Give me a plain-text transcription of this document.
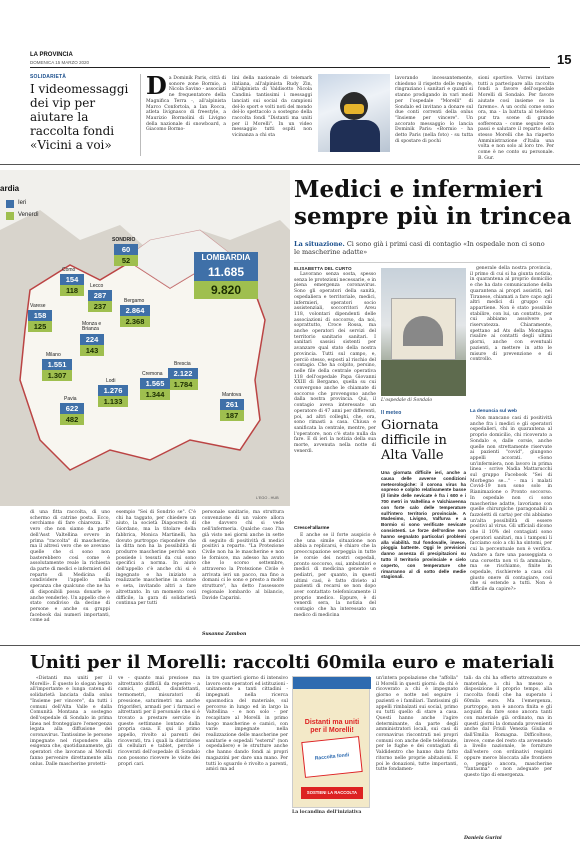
LA PROVINCIA
DOMENICA 15 MARZO 2020	15
SOLIDARIETÀ
I videomessaggi dei vip per aiutare la raccolta fondi «Vicini a voi»
Da Dominik Paris, città di sonore zone Bormio, a Nicola Savino - associati ne frequentatore della Magnifica Terra -, all'alpinista Marco Confortola, a Ian Rocca, atleta livignasco di freestyle, a Maurizio Bormolini di Livigno della nazionale di snowboard, a Giacomo Bormo-
lini della nazionale di telemark italiana, all'alpinista Rudy Zin, all'alpinista di Valdisotto Nicola Candini: tantissimi i messaggi lanciati sui social da campioni del-lo sport e volti noti del mondo del-lo spettacolo a sostegno della raccolta fondi "Distanti ma uniti per il Morelli". In un video messaggio tutti ospiti non vicinanza a chi sta
lavorando incessantemente, chiedono il rispetto delle regole, ringraziano i sanitari e quanti si stanno prodigando in vari modi per l'ospedale "Morelli" di Sondalo ed invitano a donare sul due conti correnti della onlus "Insieme per vincere". Un accorato messaggio lo lancia Dominik Paris: «Bormio - ha detto Paris (nella foto) - su tutta di spostare di pochi
sioni sportive. Vorrei invitare tutti a partecipare alla raccolta fondi a favore dell'ospedale Morelli di Sondalo. Per favore aiutate così insieme ce la faremo». A un occhi come sono ora, ma - la battuta al telefono pur tra scene di grande sofferenza - come seguire ora passi e salutare il reparto dello stesso Morelli che ha riaperto Amministrazione d'Italia una volta e non solo al loro tre. Per come è ne conto su personale. B. Gur.
ardia
Ieri
Venerdì
SONDRIO
60
52
Como
154
118	Lecco
287
237
Varese
158
125
Bergamo
2.864
2.368
Monza e Brianza
224
143
Milano
1.551
1.307
Brescia
2.122
1.784
Lodi
1.276
1.133
Cremona
1.565
1.344
Pavia
622
482
Mantova
261
187
LOMBARDIA
11.685
9.820
L'EGO - HUB
Medici e infermieri
sempre più in trincea
La situazione. Ci sono già i primi casi di contagio «In ospedale non ci sono le mascherine adatte»
ELISABETTA DEL CURTO

Lavorano senza sosta, spesso senza le protezioni necessarie, e in piena emergenza coronavirus. Sono gli operatori della sanità, ospedaliera e territoriale, medici, infermieri, operatori socio assistenziali, soccorritori Areu 118, volontari dipendenti delle associazioni di soccorso, da noi, soprattutto, Croce Rossa, ma anche operatori dei servizi del territorio sanitario sanitari. I sanitari sassisi sistenti per avanzare qual stato della nostra provincia. Tutti sul campo, e, perciò stesso, esposti al rischio del contagio. Che ha colpito, persino, nelle file della centrale operativa 118 dell'ospedale Papa Giovanni XXIII di Bergamo, quella su cui convergono anche le chiamate di soccorso che provengono anche dalla nostra provincia. Qui, il contagio aveva interessato un operatore di 47 anni per differenti, poi, ad altri colleghi, che, ora, sono rimasti a casa. Chiusa e sanificata la centrale, mentre, per l'operatore, non c'è stato nulla da fare. E di ieri la notizia della sua morte, avvenuta nella notte di venerdì.

Crescel'allarme

E anche se il forte auspicio è che una simile situazione non abbia a replicarsi, è chiaro che la preoccupazione serpeggia in tutte le corsie dei nostri ospedali, pronto soccorso, sui, ambulatori e medici di medicina generale e pediatri, per quanto, in questi ultimi casi, è fatto divieto al pazienti di recarsi se non dopo aver contattato telefonicamente il proprio medico. Eppure, è di venerdì sera, la notizia del contagio che ha interessato un medico di medicina

L'ospedale di Sondalo
Il meteo
Giornata difficile in Alta Valle
Una giornata difficile ieri, anche a causa delle avverse condizioni meteorologiche: il corona virus ha sopreso e colpito relativamente basse (il limite delle nevicate è fra i 600 e i 700 metri in Valtellina e Valchiavenna con forte calo delle temperature sull'intero territorio provinciale. A Madesimo, Livigno, Valfurva e a Bormio si sono verificate nevicate consistenti. Le forze dell'ordine non hanno segnalato particolari problemi alla viabilità. Sul fondovalle, invece, pioggia battente. Oggi le previsioni danno assenza di precipitazioni su tutto il territorio provinciale e cielo coperto, con temperature che rimarranno al di sotto delle medie stagionali.

generale della nostra provincia, il primo di cui si ha giunta notizia, in quarantena al proprio domicilio e che ha dato comunicazione della quarantena ai propri assistiti, nel Tiranese, chiamati a fare capo agli altri medici di gruppo cui appartiene. Non è stato possibile stabilire, con lui, un contatto, per cui abbiamo assolvere a riservatezza. Chiaramente, spettano ad Ats della Montagna risalire ai contatti degli ultimi giorni, anche con eventuali pazienti, a mettere in atto le misure di prevenzione e di controllo.

La denuncia sul web

Non mancano casi di positività anche fra i medici e gli operatori ospedalieri, chi in quarantena al proprio domicilio, chi ricoverato a Sondalo e, dalle corsie, anche quelle non strettamente riservate ai pazienti "covid", giungono appelli accorati. «Sono un'infermiera, non lavoro in prima linea - scrive Nadia Mattarucchi sul gruppo Facebook "Sei di Morbegno se..." - ma i malati Covid-19 non sono solo in Rianimazione o Pronto soccorso. In ospedale non ci sono mascherine adatte, lavoriamo con quelle chirurgiche (paragonabili a fazzoletti di carta) per chi abbiamo un'alta possibilità di essere positivi al virus. Gli ufficiali dicono che il 10% del contagiati sono operatori sanitari, ma i tamponi li facciamo solo a chi ha sintomi, per cui la percentuale non è verifica. Andare a fare una passeggiata o una corsetta non vi fa ammalare, ma se rischiamo, finite in ospedale, rischierete a casa col giusto onere di contagiare, così che si estende a tutti. Non è difficile da capire?»

di una fitta raccolta, di uno schermo di catrine posta. Ecco, cerchiamo di fare chiarezza. E' vero che non siamo da parte dell'Asst Valtellina ovvero in prima "raccolta" di mascherine, ma il altresì vero che se avevano quelle che ci sono non basterebbero così come è assolutamente reale la richiesta da parte di medici e infermieri del reparto di Medicina di condividere l'appello nella speranza che qualcuno che ne ha di disponibili possa donarle (e anche venderle). Un appello che è stato condiviso da decine di persone e anche su gruppi facebook dai numeri importanti, come ad
esempio "Sei di Sondrio se". C'è chi ha taggato, per chiedere un aiuto, la società Diaposrech di Giordano, ma la titolare della fabbrica, Monica Martinelli, ha dovuto purtroppo rispondere che la ditta non ha la possibilità di produrre mascherine perché non possiede i tessuti da cui sono specifici a norma. In aiuto dell'appello c'è anche chi si è ingegnato e ha iniziato a realizzarle mascherine in cotone e seta, invitando altri a fare altrettanto. In un momento così difficile, la gara di solidarietà continua per tutti
personale sanitario, ma struttura convenzione di un valore allora che davvero chi si vede nell'infermeria. Qualche caso l'ha già visto nei giorni anche in sette di seguito di positività di medici positivi a reparto. "La Protezione Civile non ha le mascherine e non le fornisce, ma adesso ha avuto che lo scorso settembre, attraverso la Protezione Civile è arrivata ieri un pacco, ma fino a domani ci le sono e presto a molte strutture", ha detto l'assessore regionale lombardo al bilancio, Davide Caparini.
Susanna Zambon
Uniti per il Morelli: raccolti 60mila euro e materiali

«Distanti ma uniti per il Morelli». È questo lo slogan legato all'importante e lunga catena di solidarietà lanciata dalla onlus "Insieme per vincere", da tutti i comuni dell'Alta Valle e dalla Comunità Montana a sostegno dell'ospedale di Sondalo in prima linea nel fronteggiare l'emergenza legata alla diffusione del coronavirus. Tantissime le persone impegnate nel rispondere alla esigenza che, quotidianamente, gli operatori che lavorano al Morelli fanno pervenire direttamente alla onlus. Dalle mascherine protetti-

ve - quanto mai preziose ma altrettanto difficili da reperire - a camici, guanti, disinfettanti, termometri, misuratori di pressione, saturimetri ma anche frigoriferi, armadi per i farmaci e altrettanti per il personale che si è trovato a prestare servizio in queste settimane lontano dalla propria casa. E qui il primo appello, rivolto ai parenti dei ricoverati, tra i quali la distrizione di cellulari e tablet, perché i ricoverati dell'ospedale di Sondalo non possono ricevere le visite dei propri cari.
in tre quartieri giorno di intensivo lavoro con operatori ed istituzioni - unitamente a tanti cittadini - impegnati nella ricerca spasmodica del materiale, sul percorso in lungo ed in largo la Valtellina - e non solo - per recapitare al Morelli in primo luogo mascherine e camici, con varie impegnate nella realizzazione delle mascherine per sanitarie e ospedali "esterni" (non ospedaliere) e le strutture anche che hanno dando fondi ai propri magazzini per dare una mano. Per tutti lo sguardo è rivolto a parenti, amici ma ad
Distanti ma uniti
per il Morelli!
Raccolta fondi
SOSTIENI LA RACCOLTA
La locandina dell'iniziativa
un'intera popolazione che "affolla" il Morelli in questi giorni: da chi è ricoverato a chi è impegnato giorno e notte nel seguire i pazienti e i familiari. Tantissimi gli appelli rimbalzati sui social, primo su tutti quello di stare a casa. Questi hanno anche l'agire determinante, da parte degli amministratori locali, sui casi di coronavirus riscontrati nei propri comuni con anche delle telefonate, per le fughe e dei contagiati di Valdidentro che hanno dato fatto ritorno nelle proprie abitazioni. E poi le donazioni, tutte importanti, tutte fondamen-
tali: da chi ha offerto attrezzature e materiale, a chi ha messo a disposizione il proprio tempo, alla raccolta fondi che ha superato i 60mila euro. Ma l'emergenza, purtroppo, non è ancora finita e gli acquisti da fare sono ancora tanti con materiale già ordinato, ma in questi giorni la domanda provenienti anche dal Friuli Venezia Giulia e dall'Emilia Romagna. Difficoltoso, invece, come del resto sta avvenendo a livello nazionale, le forniture dall'estero con ordinativi respinti oppure merce bloccata alle frontiere o, peggio ancora, mascherine "fantasma" o non adeguate per questo tipo di emergenza.
Daniela Gurini
